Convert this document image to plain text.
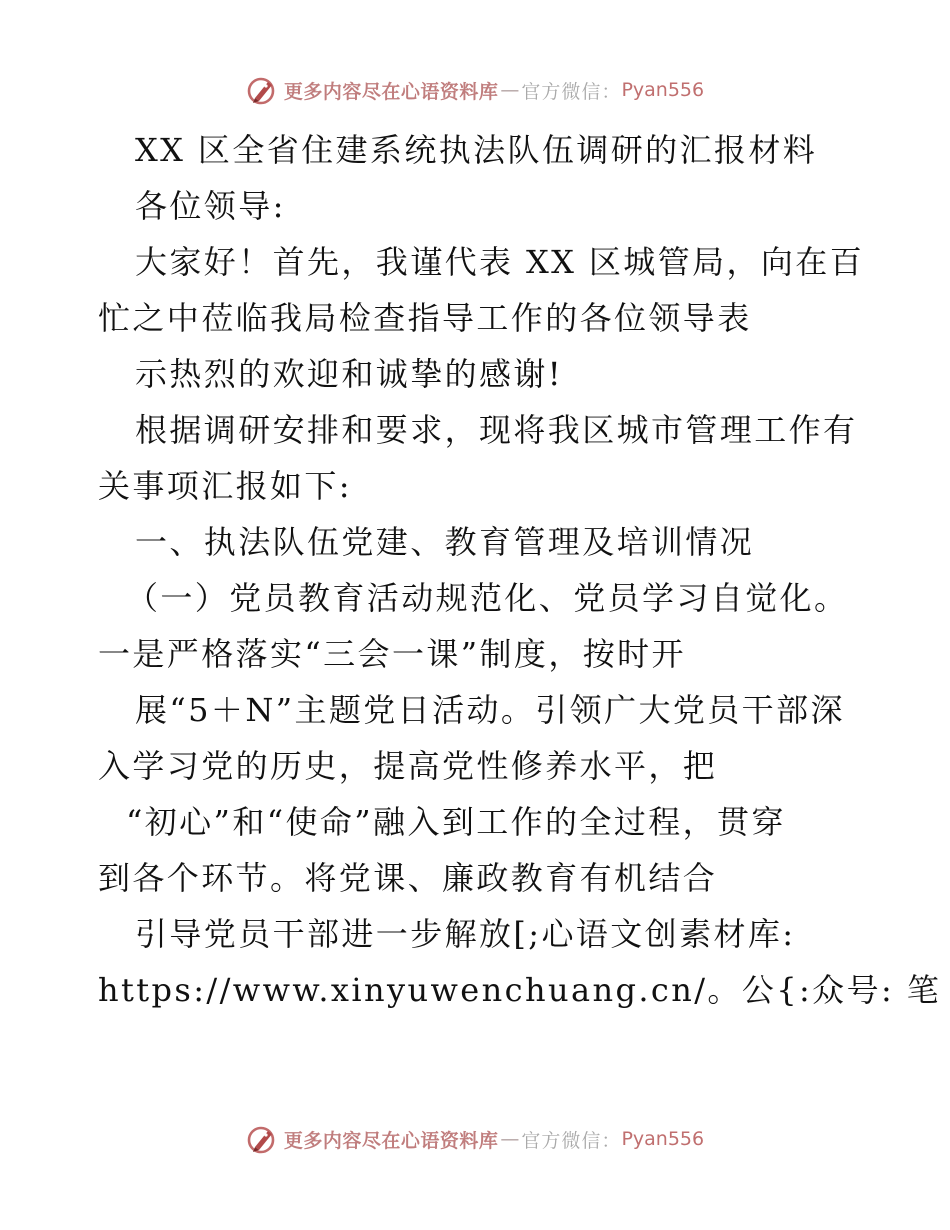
更多内容尽在心语资料库 — 官方微信： Pyan556
XX 区全省住建系统执法队伍调研的汇报材料
各位领导:
大家好！首先，我谨代表 XX 区城管局，向在百
忙之中莅临我局检查指导工作的各位领导表
示热烈的欢迎和诚挚的感谢!
根据调研安排和要求，现将我区城市管理工作有
关事项汇报如下:
一、执法队伍党建、教育管理及培训情况
（一）党员教育活动规范化、党员学习自觉化。
一是严格落实“三会一课”制度，按时开
展“5＋N”主题党日活动。引领广大党员干部深
入学习党的历史，提高党性修养水平，把
“初心”和“使命”融入到工作的全过程，贯穿
到各个环节。将党课、廉政教育有机结合
引导党员干部进一步解放[;心语文创素材库:
https://www.xinyuwenchuang.cn/。公{:众号: 笔
更多内容尽在心语资料库 — 官方微信： Pyan556
